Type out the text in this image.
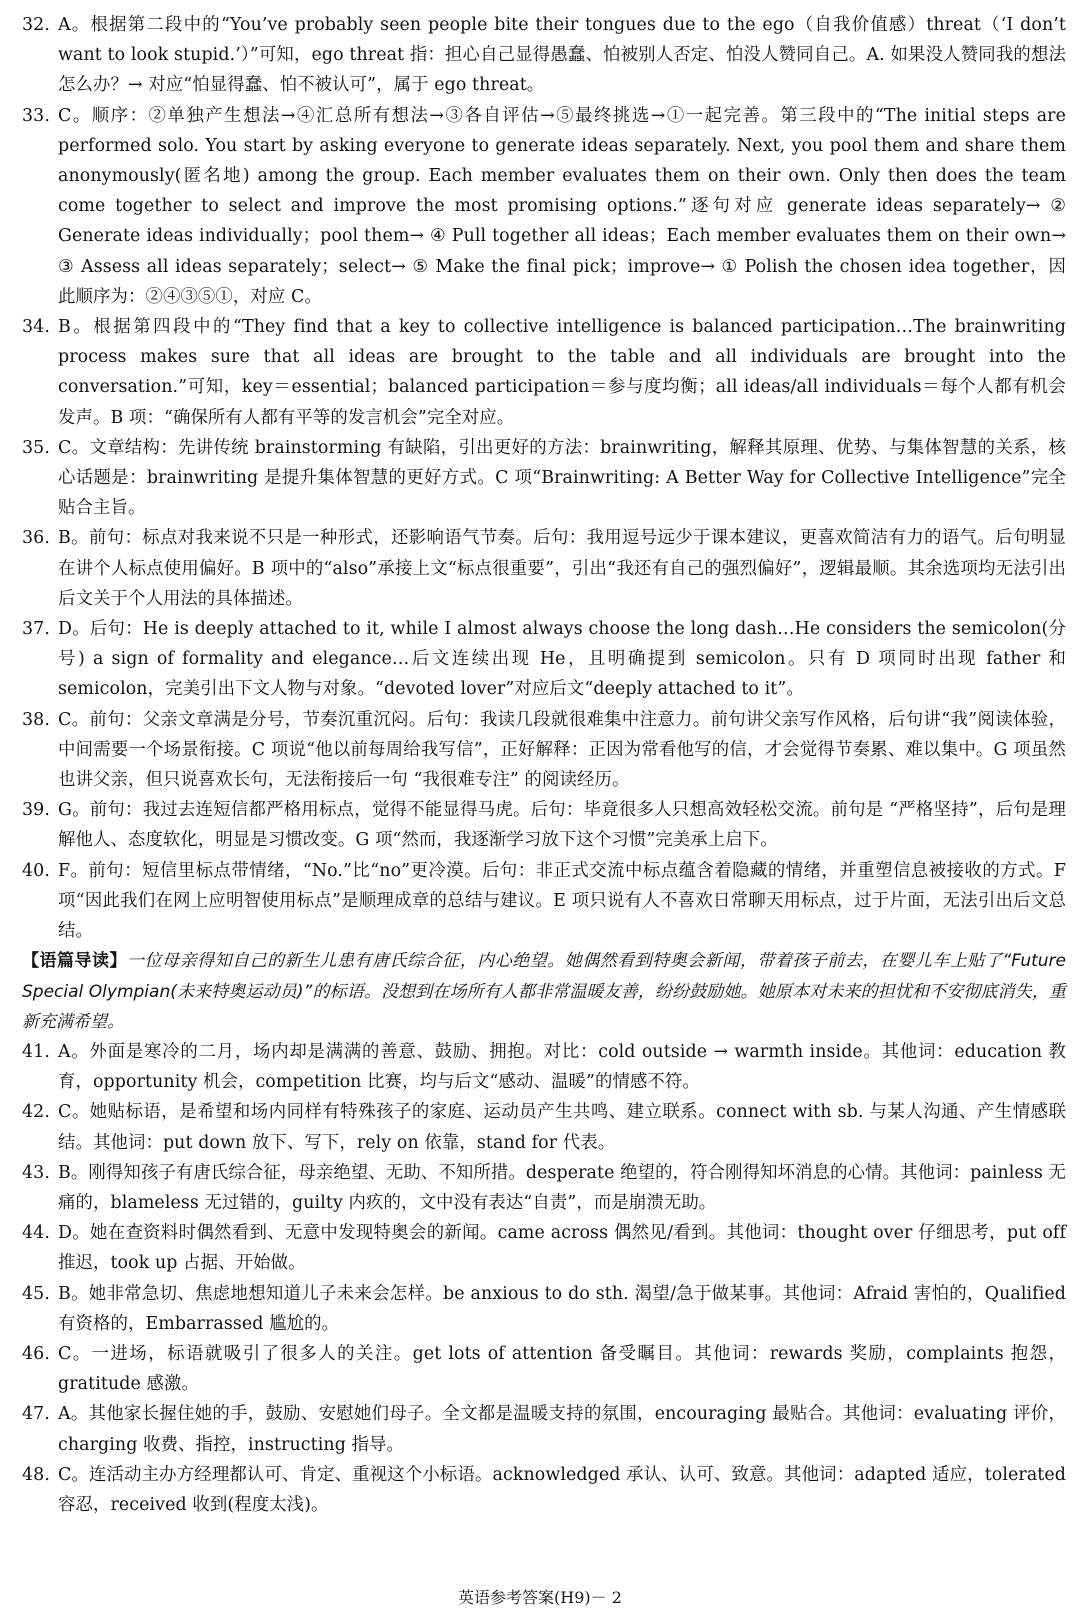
32. A。根据第二段中的“You’ve probably seen people bite their tongues due to the ego（自我价值感）threat（‘I don’t want to look stupid.’）”可知，ego threat 指：担心自己显得愚蠢、怕被别人否定、怕没人赞同自己。A. 如果没人赞同我的想法怎么办？→ 对应“怕显得蠢、怕不被认可”，属于 ego threat。
33. C。顺序：②单独产生想法→④汇总所有想法→③各自评估→⑤最终挑选→①一起完善。第三段中的“The initial steps are performed solo. You start by asking everyone to generate ideas separately. Next, you pool them and share them anonymously(匿名地) among the group. Each member evaluates them on their own. Only then does the team come together to select and improve the most promising options.”逐句对应 generate ideas separately→ ② Generate ideas individually；pool them→ ④ Pull together all ideas；Each member evaluates them on their own→ ③ Assess all ideas separately；select→ ⑤ Make the final pick；improve→ ① Polish the chosen idea together，因此顺序为：②④③⑤①，对应 C。
34. B。根据第四段中的“They find that a key to collective intelligence is balanced participation…The brainwriting process makes sure that all ideas are brought to the table and all individuals are brought into the conversation.”可知，key＝essential；balanced participation＝参与度均衡；all ideas/all individuals＝每个人都有机会发声。B 项：“确保所有人都有平等的发言机会”完全对应。
35. C。文章结构：先讲传统 brainstorming 有缺陷，引出更好的方法：brainwriting，解释其原理、优势、与集体智慧的关系，核心话题是：brainwriting 是提升集体智慧的更好方式。C 项“Brainwriting: A Better Way for Collective Intelligence”完全贴合主旨。
36. B。前句：标点对我来说不只是一种形式，还影响语气节奏。后句：我用逗号远少于课本建议，更喜欢简洁有力的语气。后句明显在讲个人标点使用偏好。B 项中的“also”承接上文“标点很重要”，引出“我还有自己的强烈偏好”，逻辑最顺。其余选项均无法引出后文关于个人用法的具体描述。
37. D。后句：He is deeply attached to it, while I almost always choose the long dash…He considers the semicolon(分号) a sign of formality and elegance…后文连续出现 He，且明确提到 semicolon。只有 D 项同时出现 father 和 semicolon，完美引出下文人物与对象。“devoted lover”对应后文“deeply attached to it”。
38. C。前句：父亲文章满是分号，节奏沉重沉闷。后句：我读几段就很难集中注意力。前句讲父亲写作风格，后句讲“我”阅读体验，中间需要一个场景衔接。C 项说“他以前每周给我写信”，正好解释：正因为常看他写的信，才会觉得节奏累、难以集中。G 项虽然也讲父亲，但只说喜欢长句，无法衔接后一句 “我很难专注” 的阅读经历。
39. G。前句：我过去连短信都严格用标点，觉得不能显得马虎。后句：毕竟很多人只想高效轻松交流。前句是 “严格坚持”，后句是理解他人、态度软化，明显是习惯改变。G 项“然而，我逐渐学习放下这个习惯”完美承上启下。
40. F。前句：短信里标点带情绪，“No.”比“no”更冷漠。后句：非正式交流中标点蕴含着隐藏的情绪，并重塑信息被接收的方式。F 项“因此我们在网上应明智使用标点”是顺理成章的总结与建议。E 项只说有人不喜欢日常聊天用标点，过于片面，无法引出后文总结。
【语篇导读】一位母亲得知自己的新生儿患有唐氏综合征，内心绝望。她偶然看到特奥会新闻，带着孩子前去，在婴儿车上贴了“Future Special Olympian(未来特奥运动员)”的标语。没想到在场所有人都非常温暖友善，纷纷鼓励她。她原本对未来的担忧和不安彻底消失，重新充满希望。
41. A。外面是寒冷的二月，场内却是满满的善意、鼓励、拥抱。对比：cold outside → warmth inside。其他词：education 教育，opportunity 机会，competition 比赛，均与后文“感动、温暖”的情感不符。
42. C。她贴标语，是希望和场内同样有特殊孩子的家庭、运动员产生共鸣、建立联系。connect with sb. 与某人沟通、产生情感联结。其他词：put down 放下、写下，rely on 依靠，stand for 代表。
43. B。刚得知孩子有唐氏综合征，母亲绝望、无助、不知所措。desperate 绝望的，符合刚得知坏消息的心情。其他词：painless 无痛的，blameless 无过错的，guilty 内疚的，文中没有表达“自责”，而是崩溃无助。
44. D。她在查资料时偶然看到、无意中发现特奥会的新闻。came across 偶然见/看到。其他词：thought over 仔细思考，put off 推迟，took up 占据、开始做。
45. B。她非常急切、焦虑地想知道儿子未来会怎样。be anxious to do sth. 渴望/急于做某事。其他词：Afraid 害怕的，Qualified 有资格的，Embarrassed 尴尬的。
46. C。一进场，标语就吸引了很多人的关注。get lots of attention 备受瞩目。其他词：rewards 奖励，complaints 抱怨，gratitude 感激。
47. A。其他家长握住她的手，鼓励、安慰她们母子。全文都是温暖支持的氛围，encouraging 最贴合。其他词：evaluating 评价，charging 收费、指控，instructing 指导。
48. C。连活动主办方经理都认可、肯定、重视这个小标语。acknowledged 承认、认可、致意。其他词：adapted 适应，tolerated 容忍，received 收到(程度太浅)。
英语参考答案(H9)－ 2
